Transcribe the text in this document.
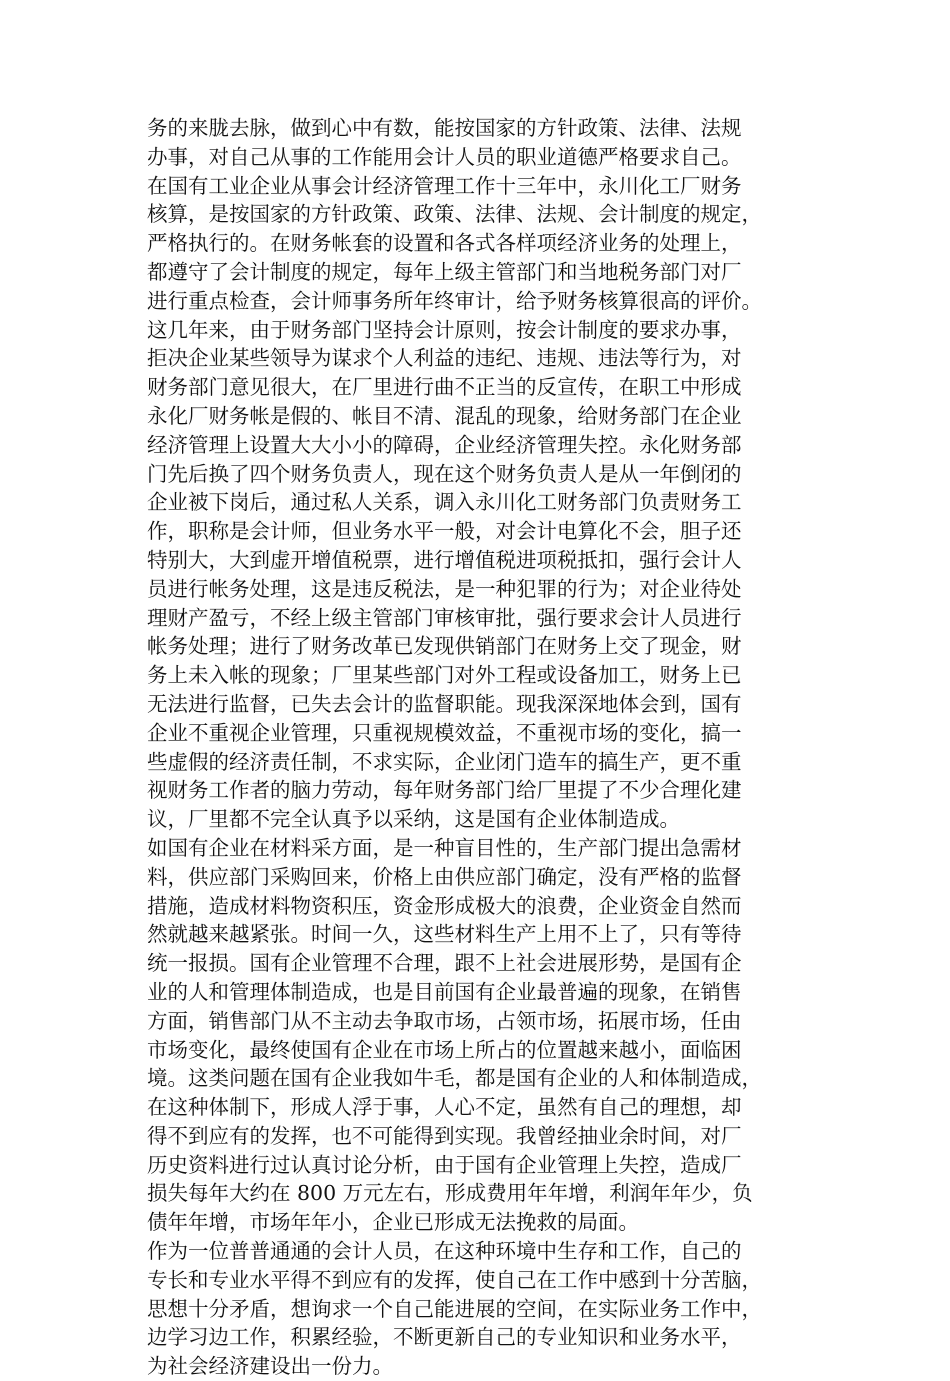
务的来胧去脉，做到心中有数，能按国家的方针政策、法律、法规
办事，对自己从事的工作能用会计人员的职业道德严格要求自己。
在国有工业企业从事会计经济管理工作十三年中，永川化工厂财务
核算，是按国家的方针政策、政策、法律、法规、会计制度的规定，
严格执行的。在财务帐套的设置和各式各样项经济业务的处理上，
都遵守了会计制度的规定，每年上级主管部门和当地税务部门对厂
进行重点检查，会计师事务所年终审计，给予财务核算很高的评价。
这几年来，由于财务部门坚持会计原则，按会计制度的要求办事，
拒决企业某些领导为谋求个人利益的违纪、违规、违法等行为，对
财务部门意见很大，在厂里进行曲不正当的反宣传，在职工中形成
永化厂财务帐是假的、帐目不清、混乱的现象，给财务部门在企业
经济管理上设置大大小小的障碍，企业经济管理失控。永化财务部
门先后换了四个财务负责人，现在这个财务负责人是从一年倒闭的
企业被下岗后，通过私人关系，调入永川化工财务部门负责财务工
作，职称是会计师，但业务水平一般，对会计电算化不会，胆子还
特别大，大到虚开增值税票，进行增值税进项税抵扣，强行会计人
员进行帐务处理，这是违反税法，是一种犯罪的行为；对企业待处
理财产盈亏，不经上级主管部门审核审批，强行要求会计人员进行
帐务处理；进行了财务改革已发现供销部门在财务上交了现金，财
务上未入帐的现象；厂里某些部门对外工程或设备加工，财务上已
无法进行监督，已失去会计的监督职能。现我深深地体会到，国有
企业不重视企业管理，只重视规模效益，不重视市场的变化，搞一
些虚假的经济责任制，不求实际，企业闭门造车的搞生产，更不重
视财务工作者的脑力劳动，每年财务部门给厂里提了不少合理化建
议，厂里都不完全认真予以采纳，这是国有企业体制造成。
如国有企业在材料采方面，是一种盲目性的，生产部门提出急需材
料，供应部门采购回来，价格上由供应部门确定，没有严格的监督
措施，造成材料物资积压，资金形成极大的浪费，企业资金自然而
然就越来越紧张。时间一久，这些材料生产上用不上了，只有等待
统一报损。国有企业管理不合理，跟不上社会进展形势，是国有企
业的人和管理体制造成，也是目前国有企业最普遍的现象，在销售
方面，销售部门从不主动去争取市场，占领市场，拓展市场，任由
市场变化，最终使国有企业在市场上所占的位置越来越小，面临困
境。这类问题在国有企业我如牛毛，都是国有企业的人和体制造成，
在这种体制下，形成人浮于事，人心不定，虽然有自己的理想，却
得不到应有的发挥，也不可能得到实现。我曾经抽业余时间，对厂
历史资料进行过认真讨论分析，由于国有企业管理上失控，造成厂
损失每年大约在 800 万元左右，形成费用年年增，利润年年少，负
债年年增，市场年年小，企业已形成无法挽救的局面。
作为一位普普通通的会计人员，在这种环境中生存和工作，自己的
专长和专业水平得不到应有的发挥，使自己在工作中感到十分苦脑，
思想十分矛盾，想询求一个自己能进展的空间，在实际业务工作中，
边学习边工作，积累经验，不断更新自己的专业知识和业务水平，
为社会经济建设出一份力。
